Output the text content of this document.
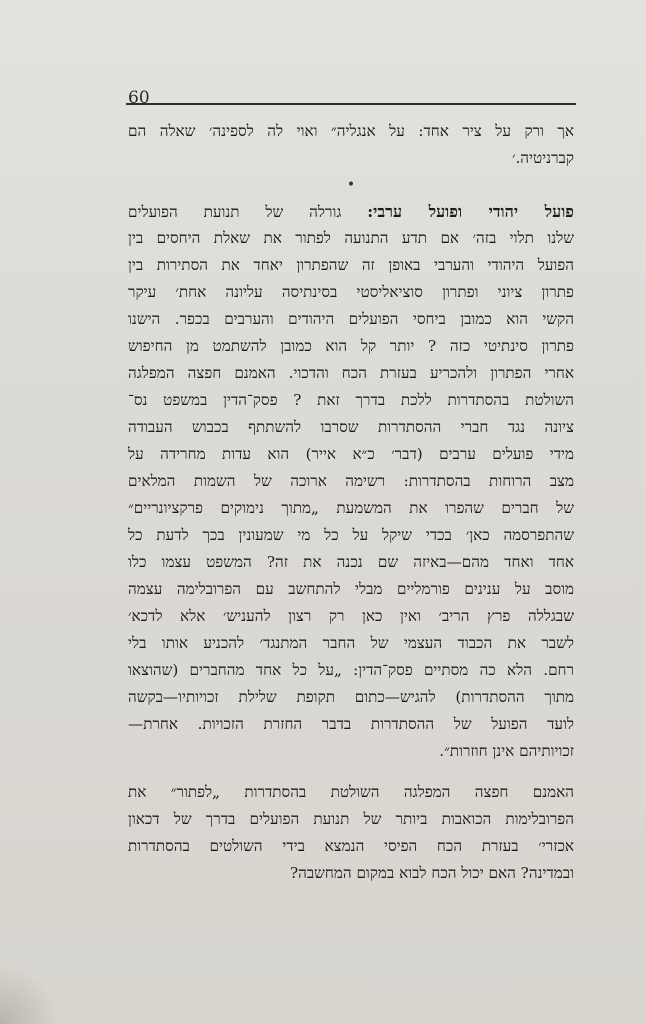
60
אך ורק על ציר אחד: על אנגליה״ ואוי לה לספינה׳ שאלה הם
קברניטיה.׳
•
פועל יהודי ופועל ערבי: גורלה של תנועת הפועלים
שלנו תלוי בזה׳ אם תדע התנועה לפתור את שאלת היחסים בין
הפועל היהודי והערבי באופן זה שהפתרון יאחד את הסתירות בין
פתרון ציוני ופתרון סוציאליסטי בסינתיסה עליונה אחת׳ עיקר
הקשי הוא כמובן ביחסי הפועלים היהודים והערבים בכפר. הישנו
פתרון סינתיטי כזה ? יותר קל הוא כמובן להשתמט מן החיפוש
אחרי הפתרון ולהכריע בעזרת הכח והדכוי. האמנם חפצה המפלגה
השולטת בהסתדרות ללכת בדרך זאת ? פסק־הדין במשפט נס־
ציונה נגד חברי ההסתדרות שסרבו להשתתף בכבוש העבודה
מידי פועלים ערבים (דבר׳ כ״א אייר) הוא עדות מחרידה על
מצב הרוחות בהסתדרות: רשימה ארוכה של השמות המלאים
של חברים שהפרו את המשמעת „מתוך נימוקים פרקציונריים״
שהתפרסמה כאן׳ בכדי שיקל על כל מי שמעונין בכך לדעת כל
אחד ואחד מהם—באיזה שם נכנה את זה? המשפט עצמו כלו
מוסב על ענינים פורמליים מבלי להתחשב עם הפרובלימה עצמה
שבגללה פרץ הריב׳ ואין כאן רק רצון להעניש׳ אלא לדכא׳
לשבר את הכבוד העצמי של החבר המתנגד׳ להכניע אותו בלי
רחם. הלא כה מסתיים פסק־הדין: „על כל אחד מהחברים (שהוצאו
מתוך ההסתדרות) להגיש—כתום תקופת שלילת זכויותיו—בקשה
לועד הפועל של ההסתדרות בדבר החזרת הזכויות. אחרת—
זכויותיהם אינן חוזרות״.
האמנם חפצה המפלגה השולטת בהסתדרות „לפתור״ את
הפרובלימות הכואבות ביותר של תנועת הפועלים בדרך של דכאון
אכזרי׳ בעזרת הכח הפיסי הנמצא בידי השולטים בהסתדרות
ובמדינה? האם יכול הכח לבוא במקום המחשבה?
